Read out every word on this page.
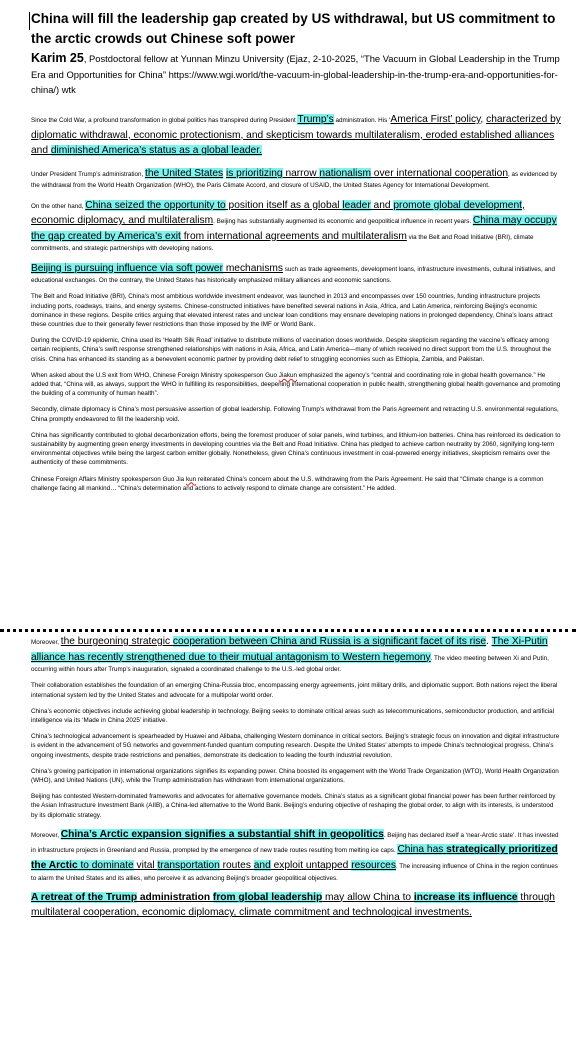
China will fill the leadership gap created by US withdrawal, but US commitment to the arctic crowds out Chinese soft power
Karim 25, Postdoctoral fellow at Yunnan Minzu University (Ejaz, 2-10-2025, “The Vacuum in Global Leadership in the Trump Era and Opportunities for China” https://www.wgi.world/the-vacuum-in-global-leadership-in-the-trump-era-and-opportunities-for-china/) wtk

Since the Cold War, a profound transformation in global politics has transpired during President Trump’s administration. His ‘America First’ policy, characterized by diplomatic withdrawal, economic protectionism, and skepticism towards multilateralism, eroded established alliances and diminished America’s status as a global leader.

Under President Trump’s administration, the United States is prioritizing narrow nationalism over international cooperation, as evidenced by the withdrawal from the World Health Organization (WHO), the Paris Climate Accord, and closure of USAID, the United States Agency for International Development.

On the other hand, China seized the opportunity to position itself as a global leader and promote global development, economic diplomacy, and multilateralism. Beijing has substantially augmented its economic and geopolitical influence in recent years. China may occupy the gap created by America’s exit from international agreements and multilateralism via the Belt and Road Initiative (BRI), climate commitments, and strategic partnerships with developing nations.

Beijing is pursuing influence via soft power mechanisms such as trade agreements, development loans, infrastructure investments, cultural initiatives, and educational exchanges. On the contrary, the United States has historically emphasized military alliances and economic sanctions.

The Belt and Road Initiative (BRI), China’s most ambitious worldwide investment endeavor, was launched in 2013 and encompasses over 150 countries, funding infrastructure projects including ports, roadways, trains, and energy systems. Chinese-constructed initiatives have benefited several nations in Asia, Africa, and Latin America, reinforcing Beijing’s economic dominance in these regions. Despite critics arguing that elevated interest rates and unclear loan conditions may ensnare developing nations in prolonged dependency, China’s loans attract these countries due to their generally fewer restrictions than those imposed by the IMF or World Bank.

During the COVID-19 epidemic, China used its ‘Health Silk Road’ initiative to distribute millions of vaccination doses worldwide. Despite skepticism regarding the vaccine’s efficacy among certain recipients, China’s swift response strengthened relationships with nations in Asia, Africa, and Latin America—many of which received no direct support from the U.S. throughout the crisis. China has enhanced its standing as a benevolent economic partner by providing debt relief to struggling economies such as Ethiopia, Zambia, and Pakistan.

When asked about the U.S exit from WHO, Chinese Foreign Ministry spokesperson Guo Jiakun emphasized the agency’s “central and coordinating role in global health governance.” He added that, “China will, as always, support the WHO in fulfilling its responsibilities, deepening international cooperation in public health, strengthening global health governance and promoting the building of a community of human health”.

Secondly, climate diplomacy is China’s most persuasive assertion of global leadership. Following Trump’s withdrawal from the Paris Agreement and retracting U.S. environmental regulations, China promptly endeavored to fill the leadership void.

China has significantly contributed to global decarbonization efforts, being the foremost producer of solar panels, wind turbines, and lithium-ion batteries. China has reinforced its dedication to sustainability by augmenting green energy investments in developing countries via the Belt and Road Initiative. China has pledged to achieve carbon neutrality by 2060, signifying long-term environmental objectives while being the largest carbon emitter globally. Nonetheless, given China’s continuous investment in coal-powered energy initiatives, skepticism remains over the authenticity of these commitments.

Chinese Foreign Affairs Ministry spokesperson Guo Jia kun reiterated China’s concern about the U.S. withdrawing from the Paris Agreement. He said that “Climate change is a common challenge facing all mankind… “China’s determination and actions to actively respond to climate change are consistent.” He added.

Moreover, the burgeoning strategic cooperation between China and Russia is a significant facet of its rise. The Xi-Putin alliance has recently strengthened due to their mutual antagonism to Western hegemony. The video meeting between Xi and Putin, occurring within hours after Trump’s inauguration, signaled a coordinated challenge to the U.S.-led global order.

Their collaboration establishes the foundation of an emerging China-Russia bloc, encompassing energy agreements, joint military drills, and diplomatic support. Both nations reject the liberal international system led by the United States and advocate for a multipolar world order.

China’s economic objectives include achieving global leadership in technology. Beijing seeks to dominate critical areas such as telecommunications, semiconductor production, and artificial intelligence via its ‘Made in China 2025’ initiative.

China’s technological advancement is spearheaded by Huawei and Alibaba, challenging Western dominance in critical sectors. Beijing’s strategic focus on innovation and digital infrastructure is evident in the advancement of 5G networks and government-funded quantum computing research. Despite the United States’ attempts to impede China’s technological progress, China’s ongoing investments, despite trade restrictions and penalties, demonstrate its dedication to leading the fourth industrial revolution.

China’s growing participation in international organizations signifies its expanding power. China boosted its engagement with the World Trade Organization (WTO), World Health Organization (WHO), and United Nations (UN), while the Trump administration has withdrawn from international organizations.

Beijing has contested Western-dominated frameworks and advocates for alternative governance models. China’s status as a significant global financial power has been further reinforced by the Asian Infrastructure Investment Bank (AIIB), a China-led alternative to the World Bank. Beijing’s enduring objective of reshaping the global order, to align with its interests, is understood by its diplomatic strategy.

Moreover, China’s Arctic expansion signifies a substantial shift in geopolitics. Beijing has declared itself a ‘near-Arctic state’. It has invested in infrastructure projects in Greenland and Russia, prompted by the emergence of new trade routes resulting from melting ice caps. China has strategically prioritized the Arctic to dominate vital transportation routes and exploit untapped resources. The increasing influence of China in the region continues to alarm the United States and its allies, who perceive it as advancing Beijing’s broader geopolitical objectives.

A retreat of the Trump administration from global leadership may allow China to increase its influence through multilateral cooperation, economic diplomacy, climate commitment and technological investments.
